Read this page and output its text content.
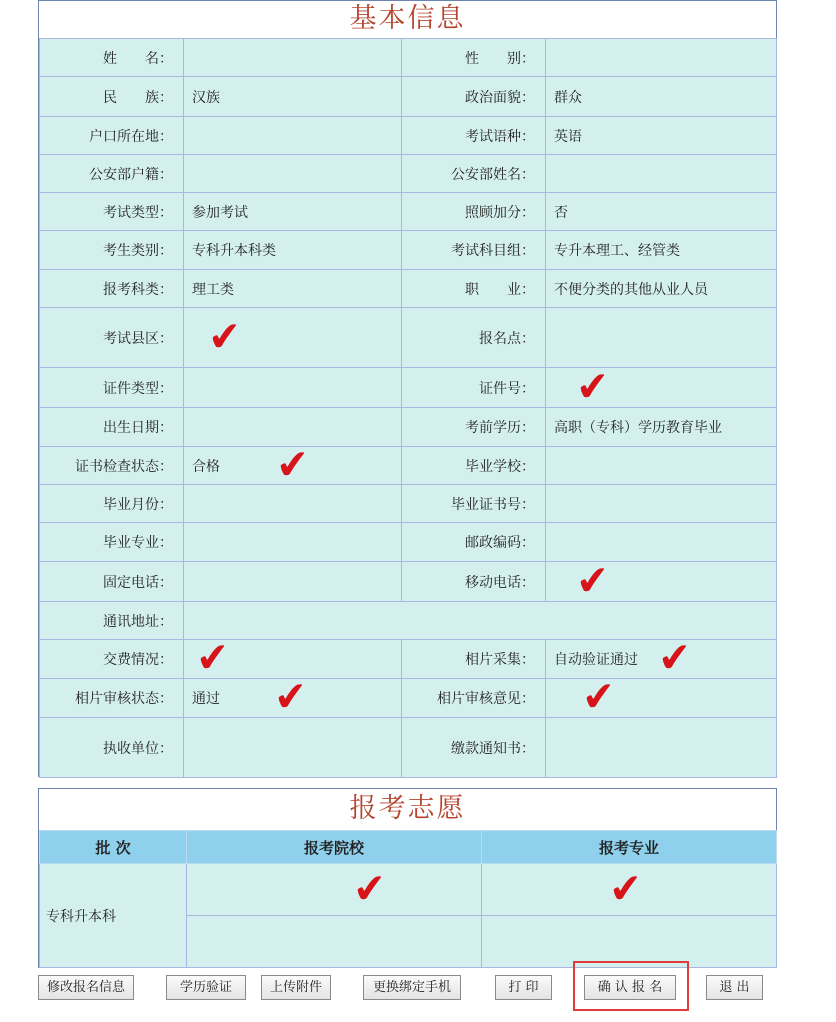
基本信息
姓　　名：		性　　别：	
民　　族：	汉族	政治面貌：	群众
户口所在地：		考试语种：	英语
公安部户籍：		公安部姓名：	
考试类型：	参加考试	照顾加分：	否
考生类别：	专科升本科类	考试科目组：	专升本理工、经管类
报考科类：	理工类	职　　业：	不便分类的其他从业人员
考试县区：	✔	报名点：	
证件类型：		证件号：	✔

出生日期：		考前学历：	高职（专科）学历教育毕业
证书检查状态：	合格 ✔	毕业学校：	
毕业月份：		毕业证书号：	
毕业专业：		邮政编码：	
固定电话：		移动电话：	✔

通讯地址：			
交费情况：	✔	相片采集：	自动验证通过 ✔

相片审核状态：	通过 ✔	相片审核意见：	✔

执收单位：		缴款通知书：	
报考志愿
批 次	报考院校	报考专业
专科升本科	✔	✔

修改报名信息	学历验证	上传附件	更换绑定手机	打 印	确 认 报 名	退 出
